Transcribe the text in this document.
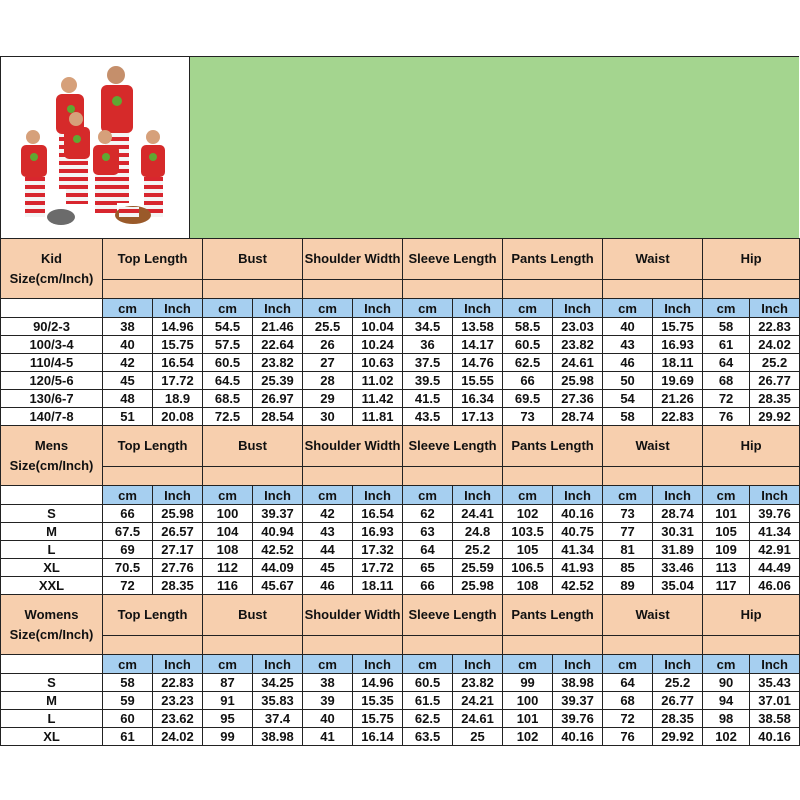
Kid
Size(cm/Inch)	Top Length		Bust		Shoulder Width		Sleeve Length		Pants Length		Waist		Hip	

	cm	Inch	cm	Inch	cm	Inch	cm	Inch	cm	Inch	cm	Inch	cm	Inch
90/2-3	38	14.96	54.5	21.46	25.5	10.04	34.5	13.58	58.5	23.03	40	15.75	58	22.83
100/3-4	40	15.75	57.5	22.64	26	10.24	36	14.17	60.5	23.82	43	16.93	61	24.02
110/4-5	42	16.54	60.5	23.82	27	10.63	37.5	14.76	62.5	24.61	46	18.11	64	25.2
120/5-6	45	17.72	64.5	25.39	28	11.02	39.5	15.55	66	25.98	50	19.69	68	26.77
130/6-7	48	18.9	68.5	26.97	29	11.42	41.5	16.34	69.5	27.36	54	21.26	72	28.35
140/7-8	51	20.08	72.5	28.54	30	11.81	43.5	17.13	73	28.74	58	22.83	76	29.92

Mens
Size(cm/Inch)	Top Length		Bust		Shoulder Width		Sleeve Length		Pants Length		Waist		Hip	

	cm	Inch	cm	Inch	cm	Inch	cm	Inch	cm	Inch	cm	Inch	cm	Inch
S	66	25.98	100	39.37	42	16.54	62	24.41	102	40.16	73	28.74	101	39.76
M	67.5	26.57	104	40.94	43	16.93	63	24.8	103.5	40.75	77	30.31	105	41.34
L	69	27.17	108	42.52	44	17.32	64	25.2	105	41.34	81	31.89	109	42.91
XL	70.5	27.76	112	44.09	45	17.72	65	25.59	106.5	41.93	85	33.46	113	44.49
XXL	72	28.35	116	45.67	46	18.11	66	25.98	108	42.52	89	35.04	117	46.06

Womens
Size(cm/Inch)	Top Length		Bust		Shoulder Width		Sleeve Length		Pants Length		Waist		Hip	

	cm	Inch	cm	Inch	cm	Inch	cm	Inch	cm	Inch	cm	Inch	cm	Inch
S	58	22.83	87	34.25	38	14.96	60.5	23.82	99	38.98	64	25.2	90	35.43
M	59	23.23	91	35.83	39	15.35	61.5	24.21	100	39.37	68	26.77	94	37.01
L	60	23.62	95	37.4	40	15.75	62.5	24.61	101	39.76	72	28.35	98	38.58
XL	61	24.02	99	38.98	41	16.14	63.5	25	102	40.16	76	29.92	102	40.16
